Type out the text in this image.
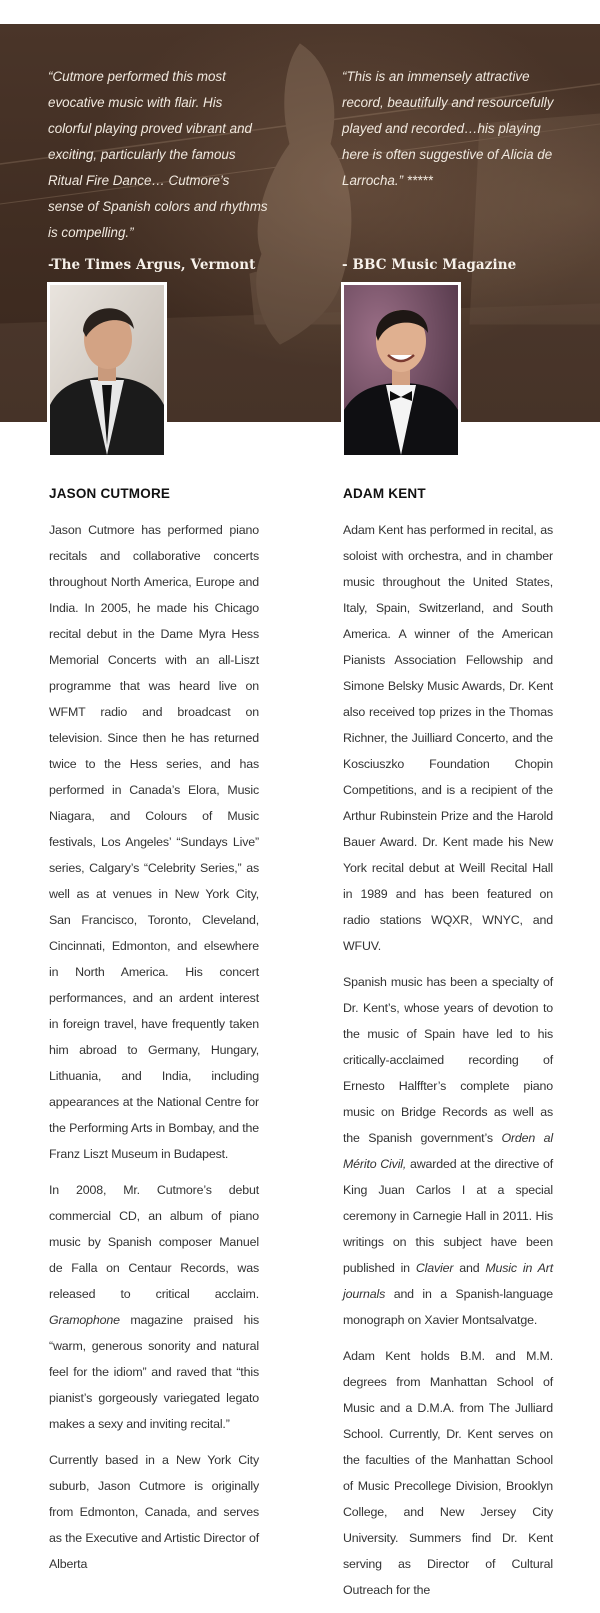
“Cutmore performed this most evocative music with flair. His colorful playing proved vibrant and exciting, particularly the famous Ritual Fire Dance… Cutmore’s sense of Spanish colors and rhythms is compelling.”
-The Times Argus, Vermont
“This is an immensely attractive record, beautifully and resourcefully played and recorded…his playing here is often suggestive of Alicia de Larrocha.” *****
- BBC Music Magazine
JASON CUTMORE

Jason Cutmore has performed piano recitals and collaborative concerts throughout North America, Europe and India. In 2005, he made his Chicago recital debut in the Dame Myra Hess Memorial Concerts with an all-Liszt programme that was heard live on WFMT radio and broadcast on television. Since then he has returned twice to the Hess series, and has performed in Canada’s Elora, Music Niagara, and Colours of Music festivals, Los Angeles’ “Sundays Live” series, Calgary’s “Celebrity Series,” as well as at venues in New York City, San Francisco, Toronto, Cleveland, Cincinnati, Edmonton, and elsewhere in North America. His concert performances, and an ardent interest in foreign travel, have frequently taken him abroad to Germany, Hungary, Lithuania, and India, including appearances at the National Centre for the Performing Arts in Bombay, and the Franz Liszt Museum in Budapest.

In 2008, Mr. Cutmore’s debut commercial CD, an album of piano music by Spanish composer Manuel de Falla on Centaur Records, was released to critical acclaim. Gramophone magazine praised his “warm, generous sonority and natural feel for the idiom” and raved that “this pianist’s gorgeously variegated legato makes a sexy and inviting recital.”

Currently based in a New York City suburb, Jason Cutmore is originally from Edmonton, Canada, and serves as the Executive and Artistic Director of Alberta

ADAM KENT

Adam Kent has performed in recital, as soloist with orchestra, and in chamber music throughout the United States, Italy, Spain, Switzerland, and South America. A winner of the American Pianists Association Fellowship and Simone Belsky Music Awards, Dr. Kent also received top prizes in the Thomas Richner, the Juilliard Concerto, and the Kosciuszko Foundation Chopin Competitions, and is a recipient of the Arthur Rubinstein Prize and the Harold Bauer Award. Dr. Kent made his New York recital debut at Weill Recital Hall in 1989 and has been featured on radio stations WQXR, WNYC, and WFUV.

Spanish music has been a specialty of Dr. Kent’s, whose years of devotion to the music of Spain have led to his critically-acclaimed recording of Ernesto Halffter’s complete piano music on Bridge Records as well as the Spanish government’s Orden al Mérito Civil, awarded at the directive of King Juan Carlos I at a special ceremony in Carnegie Hall in 2011. His writings on this subject have been published in Clavier and Music in Art journals and in a Spanish-language monograph on Xavier Montsalvatge.

Adam Kent holds B.M. and M.M. degrees from Manhattan School of Music and a D.M.A. from The Julliard School. Currently, Dr. Kent serves on the faculties of the Manhattan School of Music Precollege Division, Brooklyn College, and New Jersey City University. Summers find Dr. Kent serving as Director of Cultural Outreach for the
